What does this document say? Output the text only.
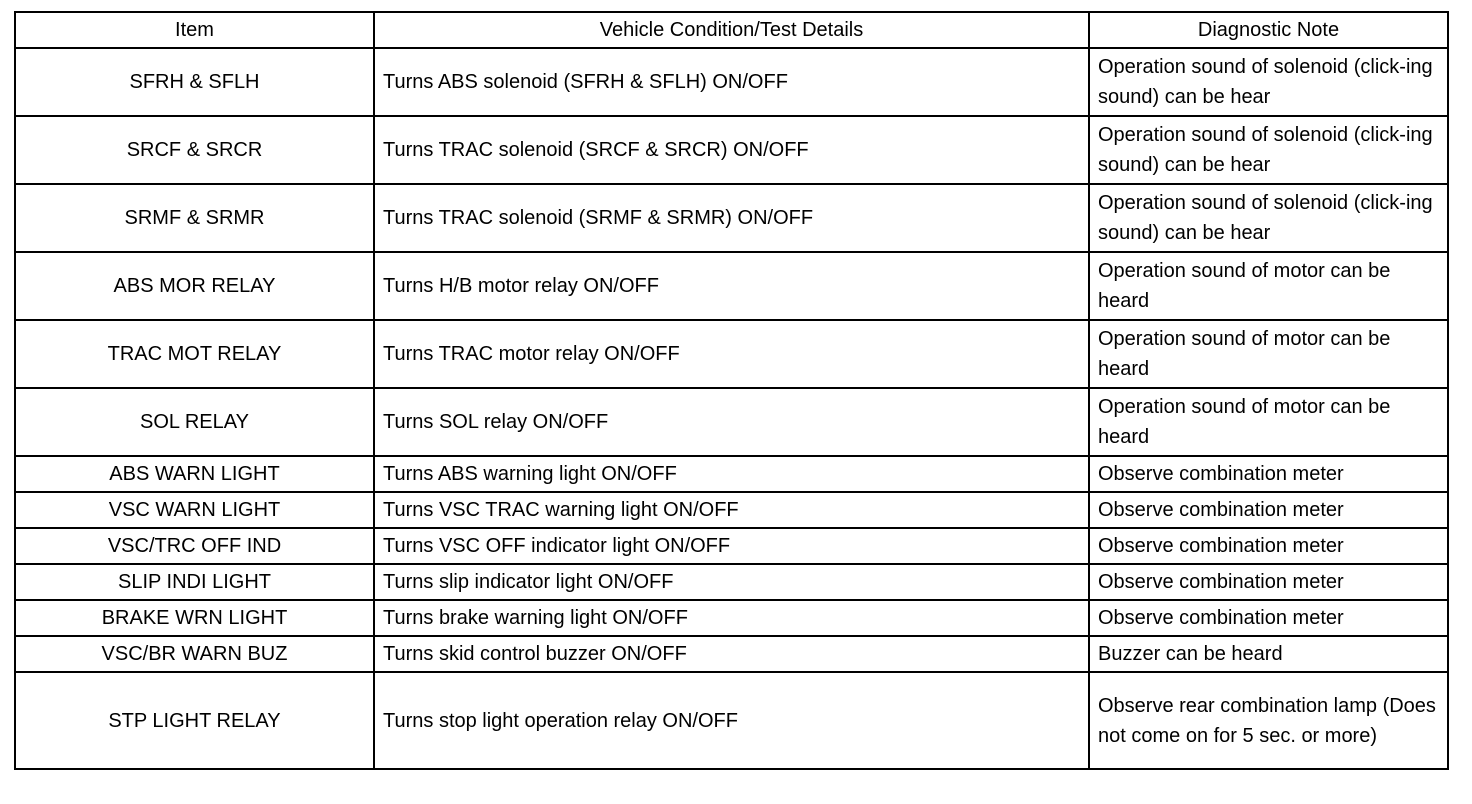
Item	Vehicle Condition/Test Details	Diagnostic Note
SFRH & SFLH	Turns ABS solenoid (SFRH & SFLH) ON/OFF	Operation sound of solenoid (click-ing sound) can be hear
SRCF & SRCR	Turns TRAC solenoid (SRCF & SRCR) ON/OFF	Operation sound of solenoid (click-ing sound) can be hear
SRMF & SRMR	Turns TRAC solenoid (SRMF & SRMR) ON/OFF	Operation sound of solenoid (click-ing sound) can be hear
ABS MOR RELAY	Turns H/B motor relay ON/OFF	Operation sound of motor can be heard
TRAC MOT RELAY	Turns TRAC motor relay ON/OFF	Operation sound of motor can be heard
SOL RELAY	Turns SOL relay ON/OFF	Operation sound of motor can be heard
ABS WARN LIGHT	Turns ABS warning light ON/OFF	Observe combination meter
VSC WARN LIGHT	Turns VSC TRAC warning light ON/OFF	Observe combination meter
VSC/TRC OFF IND	Turns VSC OFF indicator light ON/OFF	Observe combination meter
SLIP INDI LIGHT	Turns slip indicator light ON/OFF	Observe combination meter
BRAKE WRN LIGHT	Turns brake warning light ON/OFF	Observe combination meter
VSC/BR WARN BUZ	Turns skid control buzzer ON/OFF	Buzzer can be heard
STP LIGHT RELAY	Turns stop light operation relay ON/OFF	Observe rear combination lamp (Does not come on for 5 sec. or more)
